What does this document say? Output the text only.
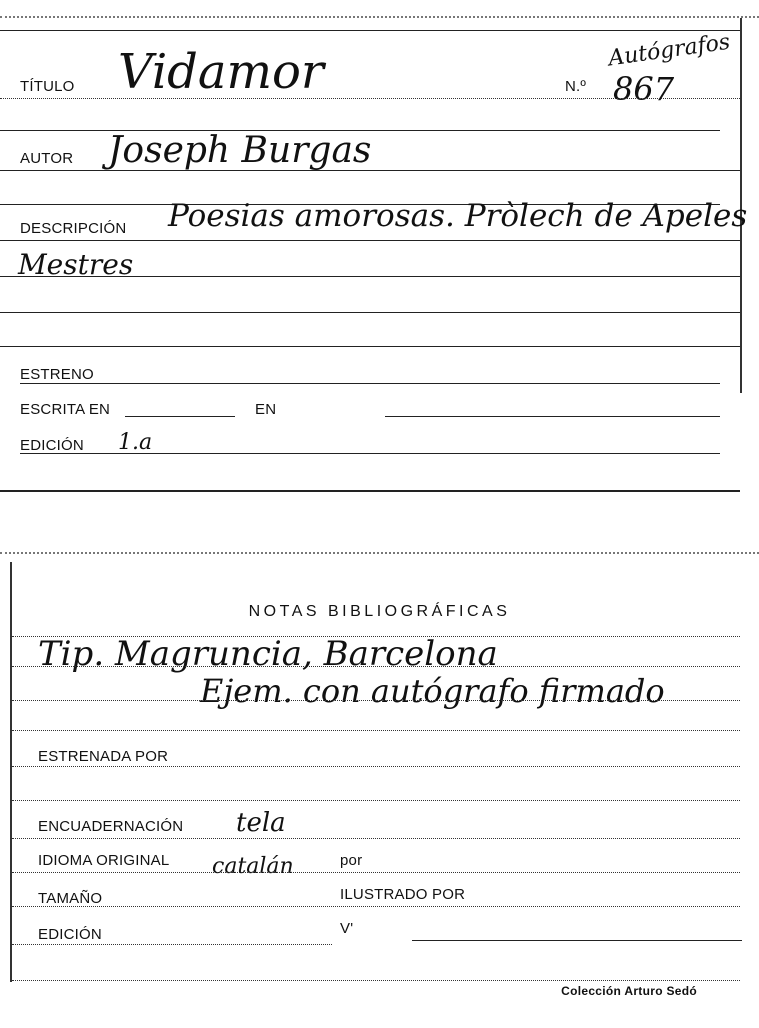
Autógrafos
TÍTULO Vidamor	N.º 867
AUTOR Joseph Burgas
DESCRIPCIÓN Poesias amorosas. Pròlech de Apeles
Mestres
ESTRENO
ESCRITA EN	EN
EDICIÓN 1.a
NOTAS BIBLIOGRÁFICAS
Tip. Magruncia, Barcelona
Ejem. con autógrafo firmado
ESTRENADA POR
ENCUADERNACIÓN tela
IDIOMA ORIGINAL catalán	por
TAMAÑO	ILUSTRADO POR
EDICIÓN	V'
Colección Arturo Sedó
